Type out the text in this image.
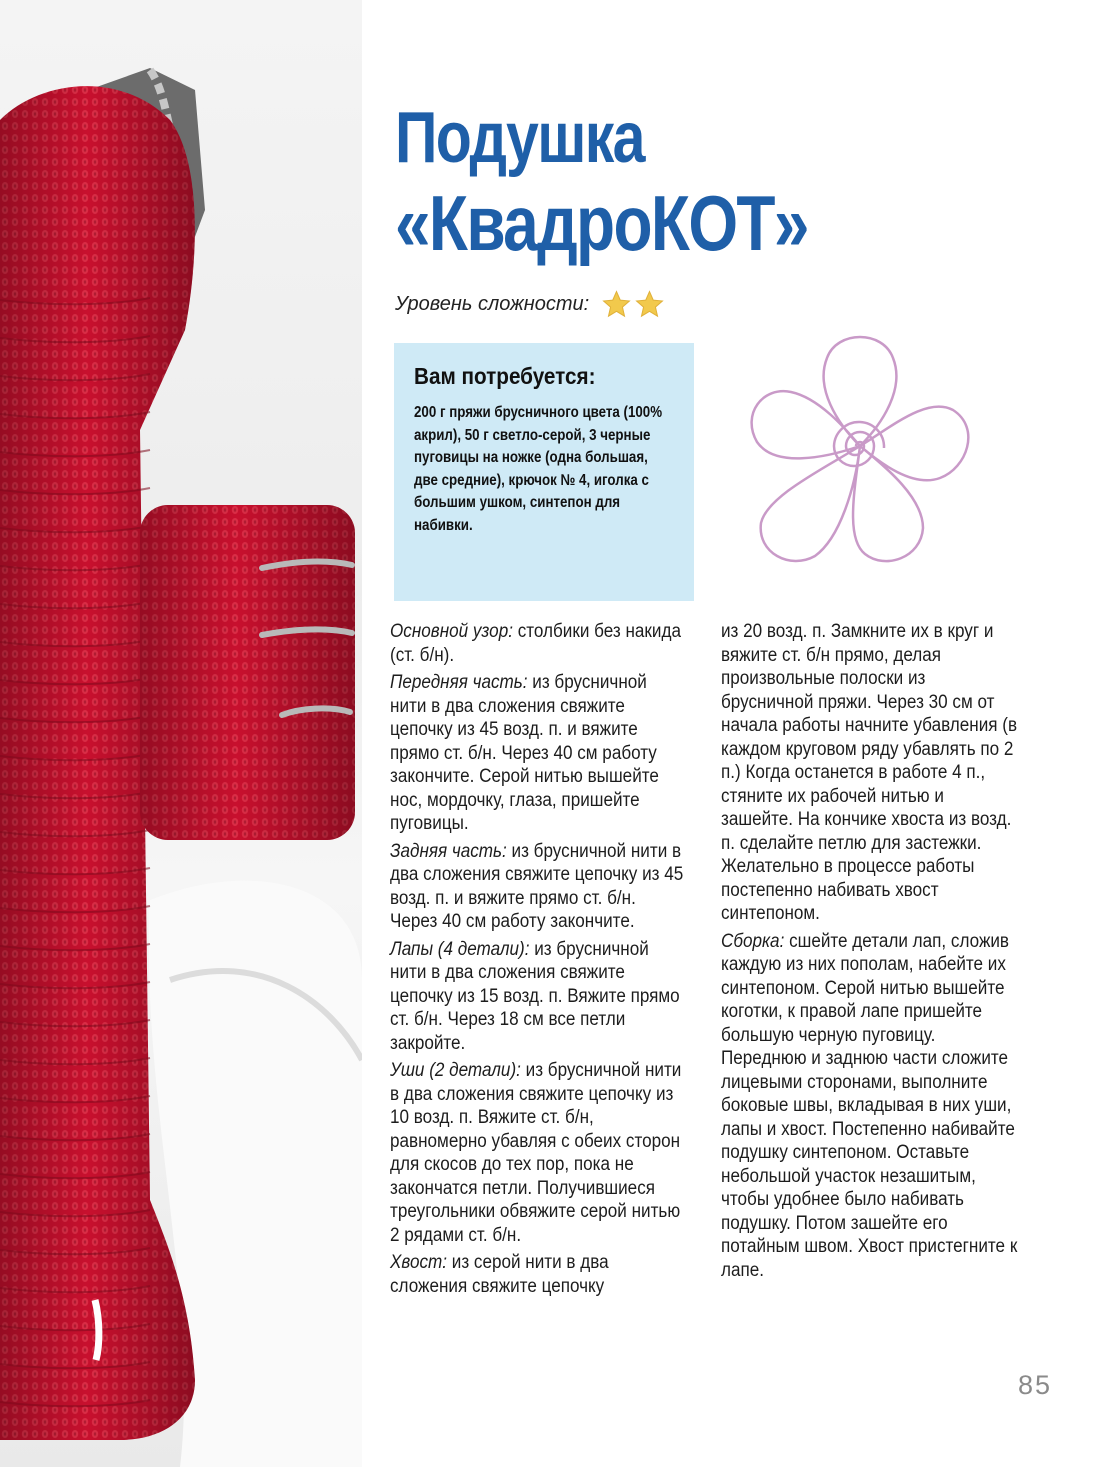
Подушка
«КвадроКОТ»
Уровень сложности:
Вам потребуется:

200 г пряжи брусничного цвета (100% акрил), 50 г светло-серой, 3 черные пуговицы на ножке (одна большая, две средние), крючок № 4, иголка с большим ушком, синтепон для набивки.

Основной узор: столбики без накида (ст. б/н).

Передняя часть: из брусничной нити в два сложения свяжите цепочку из 45 возд. п. и вяжите прямо ст. б/н. Через 40 см работу закончите. Серой нитью вышейте нос, мордочку, глаза, пришейте пуговицы.

Задняя часть: из брусничной нити в два сложения свяжите цепочку из 45 возд. п. и вяжите прямо ст. б/н. Через 40 см работу закончите.

Лапы (4 детали): из брусничной нити в два сложения свяжите цепочку из 15 возд. п. Вяжите прямо ст. б/н. Через 18 см все петли закройте.

Уши (2 детали): из брусничной нити в два сложения свяжите цепочку из 10 возд. п. Вяжите ст. б/н, равномерно убавляя с обеих сторон для скосов до тех пор, пока не закончатся петли. Получившиеся треугольники обвяжите серой нитью 2 рядами ст. б/н.

Хвост: из серой нити в два сложения свяжите цепочку

из 20 возд. п. Замкните их в круг и вяжите ст. б/н прямо, делая произвольные полоски из брусничной пряжи. Через 30 см от начала работы начните убавления (в каждом круговом ряду убавлять по 2 п.) Когда останется в работе 4 п., стяните их рабочей нитью и зашейте. На кончике хвоста из возд. п. сделайте петлю для застежки. Желательно в процессе работы постепенно набивать хвост синтепоном.

Сборка: сшейте детали лап, сложив каждую из них пополам, набейте их синтепоном. Серой нитью вышейте коготки, к правой лапе пришейте большую черную пуговицу. Переднюю и заднюю части сложите лицевыми сторонами, выполните боковые швы, вкладывая в них уши, лапы и хвост. Постепенно набивайте подушку синтепоном. Оставьте небольшой участок незашитым, чтобы удобнее было набивать подушку. Потом зашейте его потайным швом. Хвост пристегните к лапе.

85
